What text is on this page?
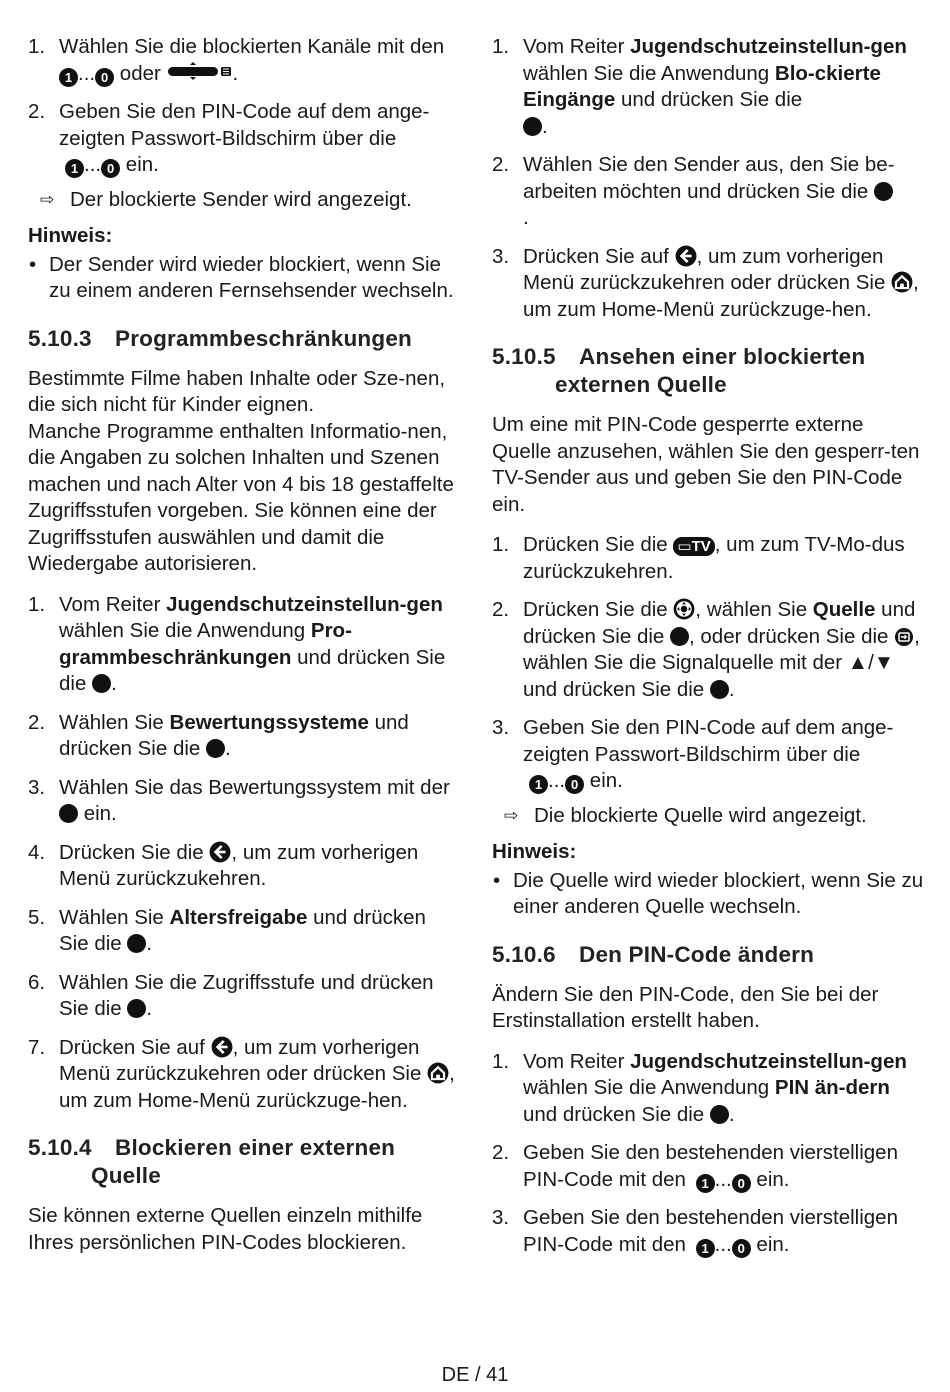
1. Wählen Sie die blockierten Kanäle mit den
1 ... 0 oder	.
2. Geben Sie den PIN-Code auf dem ange-zeigten Passwort-Bildschirm über die
1 ... 0 ein.
⇨ Der blockierte Sender wird angezeigt.
Hinweis:
• Der Sender wird wieder blockiert, wenn Sie zu einem anderen Fernsehsender wechseln.
5.10.3 Programmbeschränkungen

Bestimmte Filme haben Inhalte oder Sze-nen, die sich nicht für Kinder eignen.

Manche Programme enthalten Informatio-nen, die Angaben zu solchen Inhalten und Szenen machen und nach Alter von 4 bis 18 gestaffelte Zugriffsstufen vorgeben. Sie können eine der Zugriffsstufen auswählen und damit die Wiedergabe autorisieren.

1. Vom Reiter Jugendschutzeinstellun-gen wählen Sie die Anwendung Pro-grammbeschränkungen und drücken Sie die .
2. Wählen Sie Bewertungssysteme und drücken Sie die .
3. Wählen Sie das Bewertungssystem mit der  ein.
4. Drücken Sie die , um zum vorherigen Menü zurückzukehren.
5. Wählen Sie Altersfreigabe und drücken Sie die .
6. Wählen Sie die Zugriffsstufe und drücken Sie die .
7. Drücken Sie auf , um zum vorherigen Menü zurückzukehren oder drücken Sie , um zum Home-Menü zurückzuge-hen.
5.10.4 Blockieren einer externen Quelle

Sie können externe Quellen einzeln mithilfe Ihres persönlichen PIN-Codes blockieren.

1. Vom Reiter Jugendschutzeinstellun-gen wählen Sie die Anwendung Blo-ckierte Eingänge und drücken Sie die
.
2. Wählen Sie den Sender aus, den Sie be-arbeiten möchten und drücken Sie die
.
3. Drücken Sie auf , um zum vorherigen Menü zurückzukehren oder drücken Sie , um zum Home-Menü zurückzuge-hen.
5.10.5 Ansehen einer blockierten externen Quelle

Um eine mit PIN-Code gesperrte externe Quelle anzusehen, wählen Sie den gesperr-ten TV-Sender aus und geben Sie den PIN-Code ein.

1. Drücken Sie die ▭TV , um zum TV-Mo-dus zurückzukehren.
2. Drücken Sie die , wählen Sie Quelle und drücken Sie die , oder drücken Sie die , wählen Sie die Signalquelle mit der ▲/▼ und drücken Sie die .
3. Geben Sie den PIN-Code auf dem ange-zeigten Passwort-Bildschirm über die
1 ... 0 ein.
⇨ Die blockierte Quelle wird angezeigt.
Hinweis:
• Die Quelle wird wieder blockiert, wenn Sie zu einer anderen Quelle wechseln.
5.10.6 Den PIN-Code ändern

Ändern Sie den PIN-Code, den Sie bei der Erstinstallation erstellt haben.

1. Vom Reiter Jugendschutzeinstellun-gen wählen Sie die Anwendung PIN än-dern und drücken Sie die .
2. Geben Sie den bestehenden vierstelligen PIN-Code mit den 1 ... 0 ein.
3. Geben Sie den bestehenden vierstelligen PIN-Code mit den 1 ... 0 ein.
DE / 41
